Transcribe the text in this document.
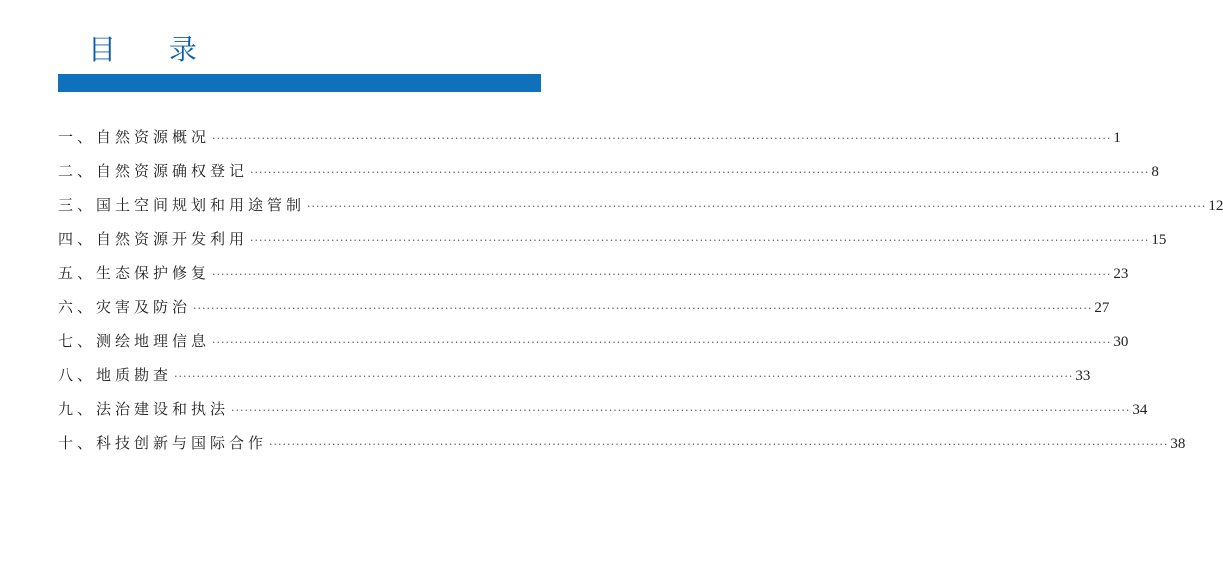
目 录
一、自然资源概况 ········································································································································································································ 1
二、自然资源确权登记 ········································································································································································································ 8
三、国土空间规划和用途管制 ········································································································································································································ 12
四、自然资源开发利用 ········································································································································································································ 15
五、生态保护修复 ········································································································································································································ 23
六、灾害及防治 ········································································································································································································ 27
七、测绘地理信息 ········································································································································································································ 30
八、地质勘查 ········································································································································································································ 33
九、法治建设和执法 ········································································································································································································ 34
十、科技创新与国际合作 ········································································································································································································ 38
